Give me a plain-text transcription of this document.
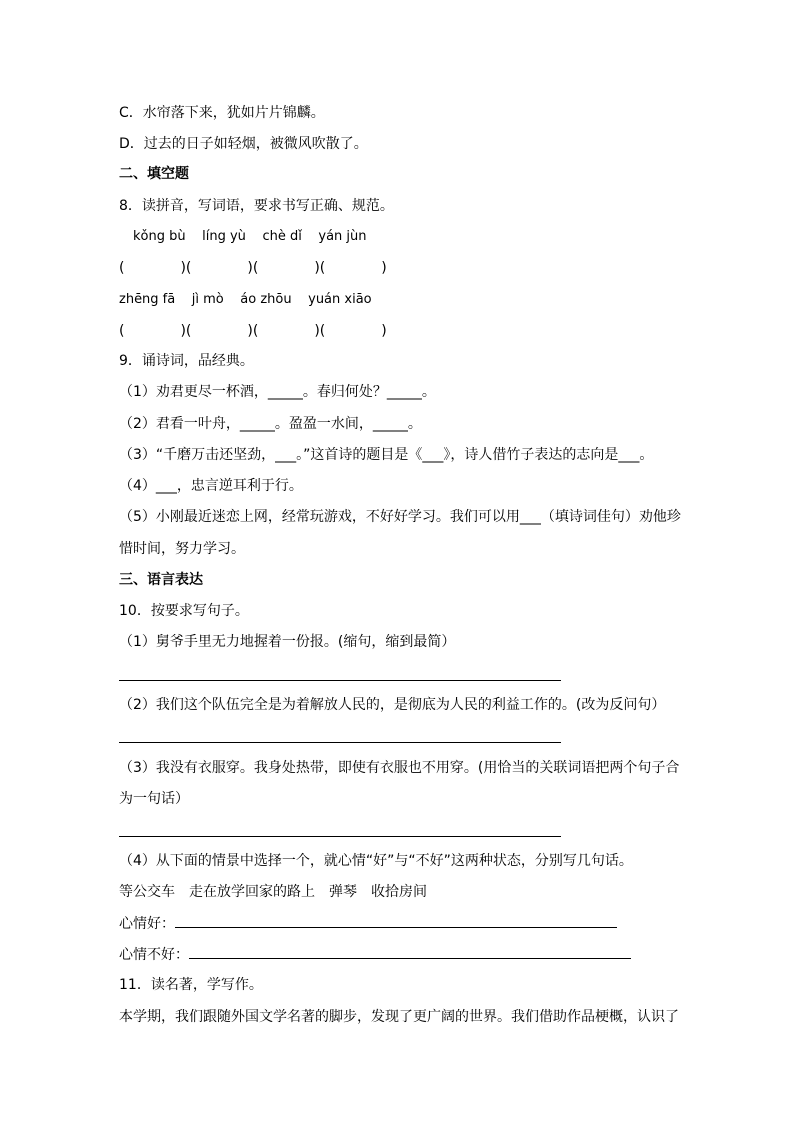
C．水帘落下来，犹如片片锦麟。
D．过去的日子如轻烟，被微风吹散了。
二、填空题
8．读拼音，写词语，要求书写正确、规范。
kǒng bù líng yù chè dǐ yán jùn
(	)(	)(	)(	)
zhēng fā jì mò áo zhōu yuán xiāo
(	)(	)(	)(	)
9．诵诗词，品经典。
（1）劝君更尽一杯酒，_____。春归何处？_____。
（2）君看一叶舟，_____。盈盈一水间，_____。
（3）“千磨万击还坚劲，___。”这首诗的题目是《___》，诗人借竹子表达的志向是___。
（4）___，忠言逆耳利于行。
（5）小刚最近迷恋上网，经常玩游戏，不好好学习。我们可以用___（填诗词佳句）劝他珍
惜时间，努力学习。
三、语言表达
10．按要求写句子。
（1）舅爷手里无力地握着一份报。(缩句，缩到最简）
（2）我们这个队伍完全是为着解放人民的，是彻底为人民的利益工作的。(改为反问句）
（3）我没有衣服穿。我身处热带，即使有衣服也不用穿。(用恰当的关联词语把两个句子合
为一句话）
（4）从下面的情景中选择一个，就心情“好”与“不好”这两种状态，分别写几句话。
等公交车　走在放学回家的路上　弹琴　收拾房间
心情好：
心情不好：
11．读名著，学写作。
本学期，我们跟随外国文学名著的脚步，发现了更广阔的世界。我们借助作品梗概，认识了
